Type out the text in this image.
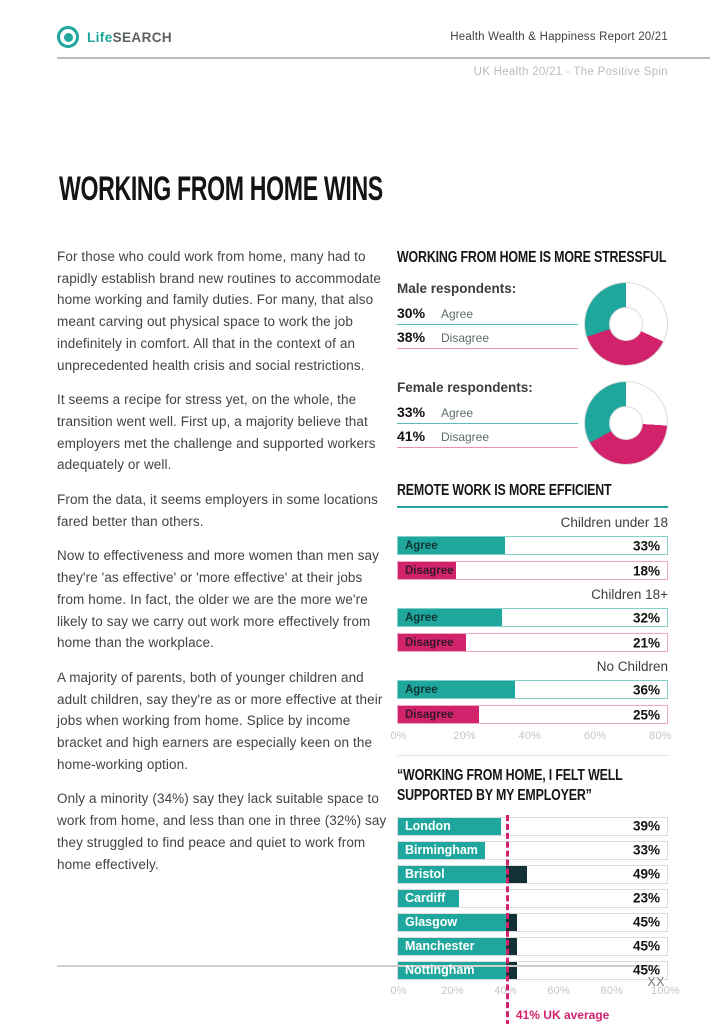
LifeSEARCH	Health Wealth & Happiness Report 20/21
UK Health 20/21 - The Positive Spin
WORKING FROM HOME WINS

For those who could work from home, many had to rapidly establish brand new routines to accommodate home working and family duties. For many, that also meant carving out physical space to work the job indefinitely in comfort. All that in the context of an unprecedented health crisis and social restrictions.

It seems a recipe for stress yet, on the whole, the transition went well. First up, a majority believe that employers met the challenge and supported workers adequately or well.

From the data, it seems employers in some locations fared better than others.

Now to effectiveness and more women than men say they're 'as effective' or 'more effective' at their jobs from home. In fact, the older we are the more we're likely to say we carry out work more effectively from home than the workplace.

A majority of parents, both of younger children and adult children, say they're as or more effective at their jobs when working from home. Splice by income bracket and high earners are especially keen on the home-working option.

Only a minority (34%) say they lack suitable space to work from home, and less than one in three (32%) say they struggled to find peace and quiet to work from home effectively.

WORKING FROM HOME IS MORE STRESSFUL
Male respondents:
30%	Agree
38%	Disagree
Female respondents:
33%	Agree
41%	Disagree
REMOTE WORK IS MORE EFFICIENT
Children under 18
Agree	33%
Disagree	18%
Children 18+
Agree	32%
Disagree	21%
No Children
Agree	36%
Disagree	25%
0%	20%	40%	60%	80%
“WORKING FROM HOME, I FELT WELL SUPPORTED BY MY EMPLOYER”
London	39%
Birmingham	33%
Bristol	49%
Cardiff	23%
Glasgow	45%
Manchester	45%
Nottingham	45%
0%	20%	40%	60%	80%	100%
41% UK average
XX
